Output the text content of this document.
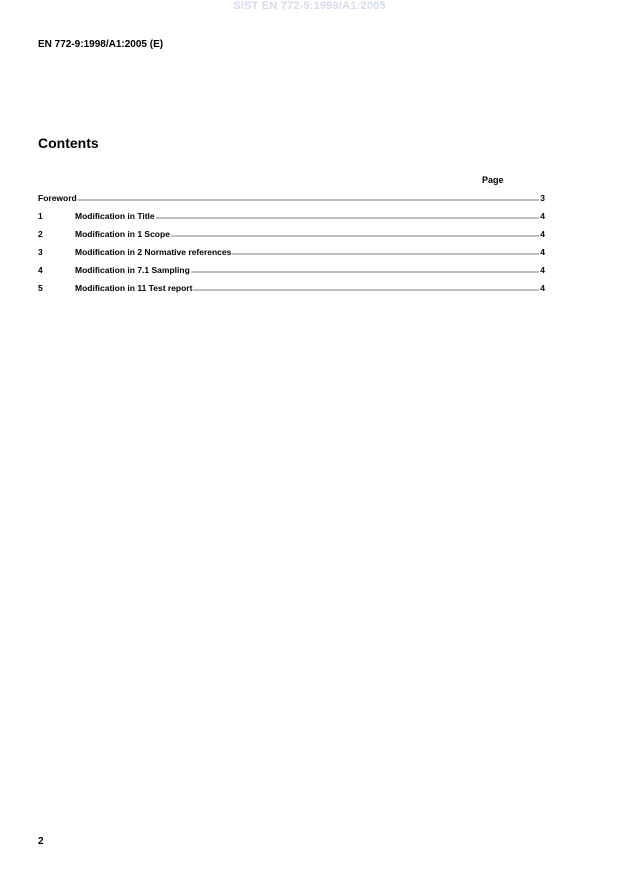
SIST EN 772-9:1999/A1:2005
EN 772-9:1998/A1:2005 (E)
Contents
Page
Foreword	3
1	Modification in Title	4
2	Modification in 1 Scope	4
3	Modification in 2 Normative references	4
4	Modification in 7.1 Sampling	4
5	Modification in 11 Test report	4
2
